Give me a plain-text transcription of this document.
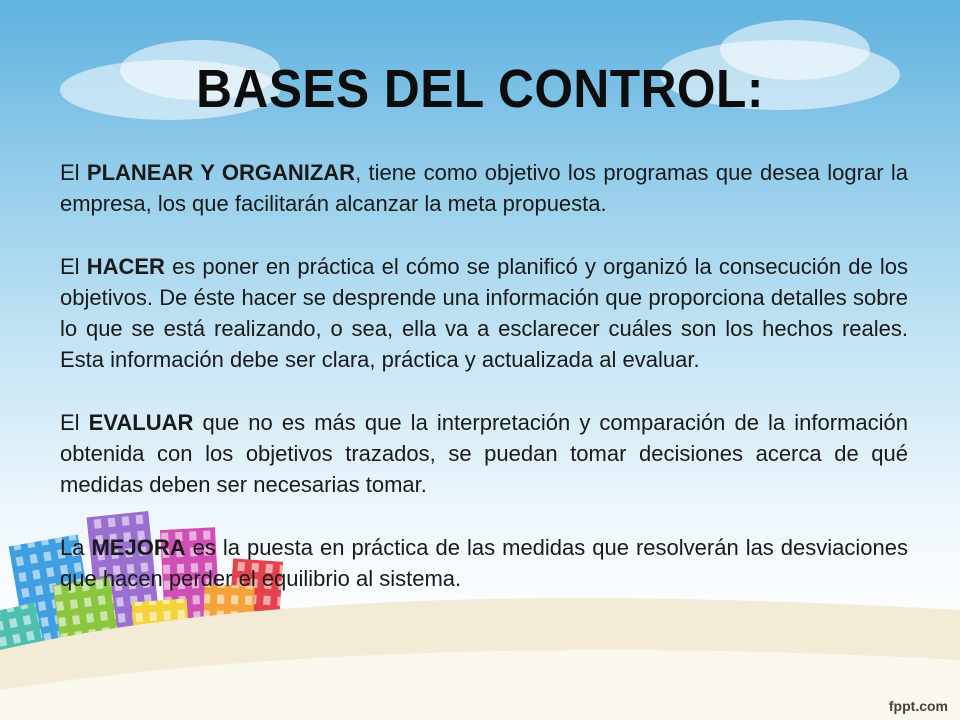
BASES DEL CONTROL:

El PLANEAR Y ORGANIZAR, tiene como objetivo los programas que desea lograr la empresa, los que facilitarán alcanzar la meta propuesta.

El HACER es poner en práctica el cómo se planificó y organizó la consecución de los objetivos. De éste hacer se desprende una información que proporciona detalles sobre lo que se está realizando, o sea, ella va a esclarecer cuáles son los hechos reales. Esta información debe ser clara, práctica y actualizada al evaluar.

El EVALUAR que no es más que la interpretación y comparación de la información obtenida con los objetivos trazados, se puedan tomar decisiones acerca de qué medidas deben ser necesarias tomar.

La MEJORA es la puesta en práctica de las medidas que resolverán las desviaciones que hacen perder el equilibrio al sistema.

fppt.com
